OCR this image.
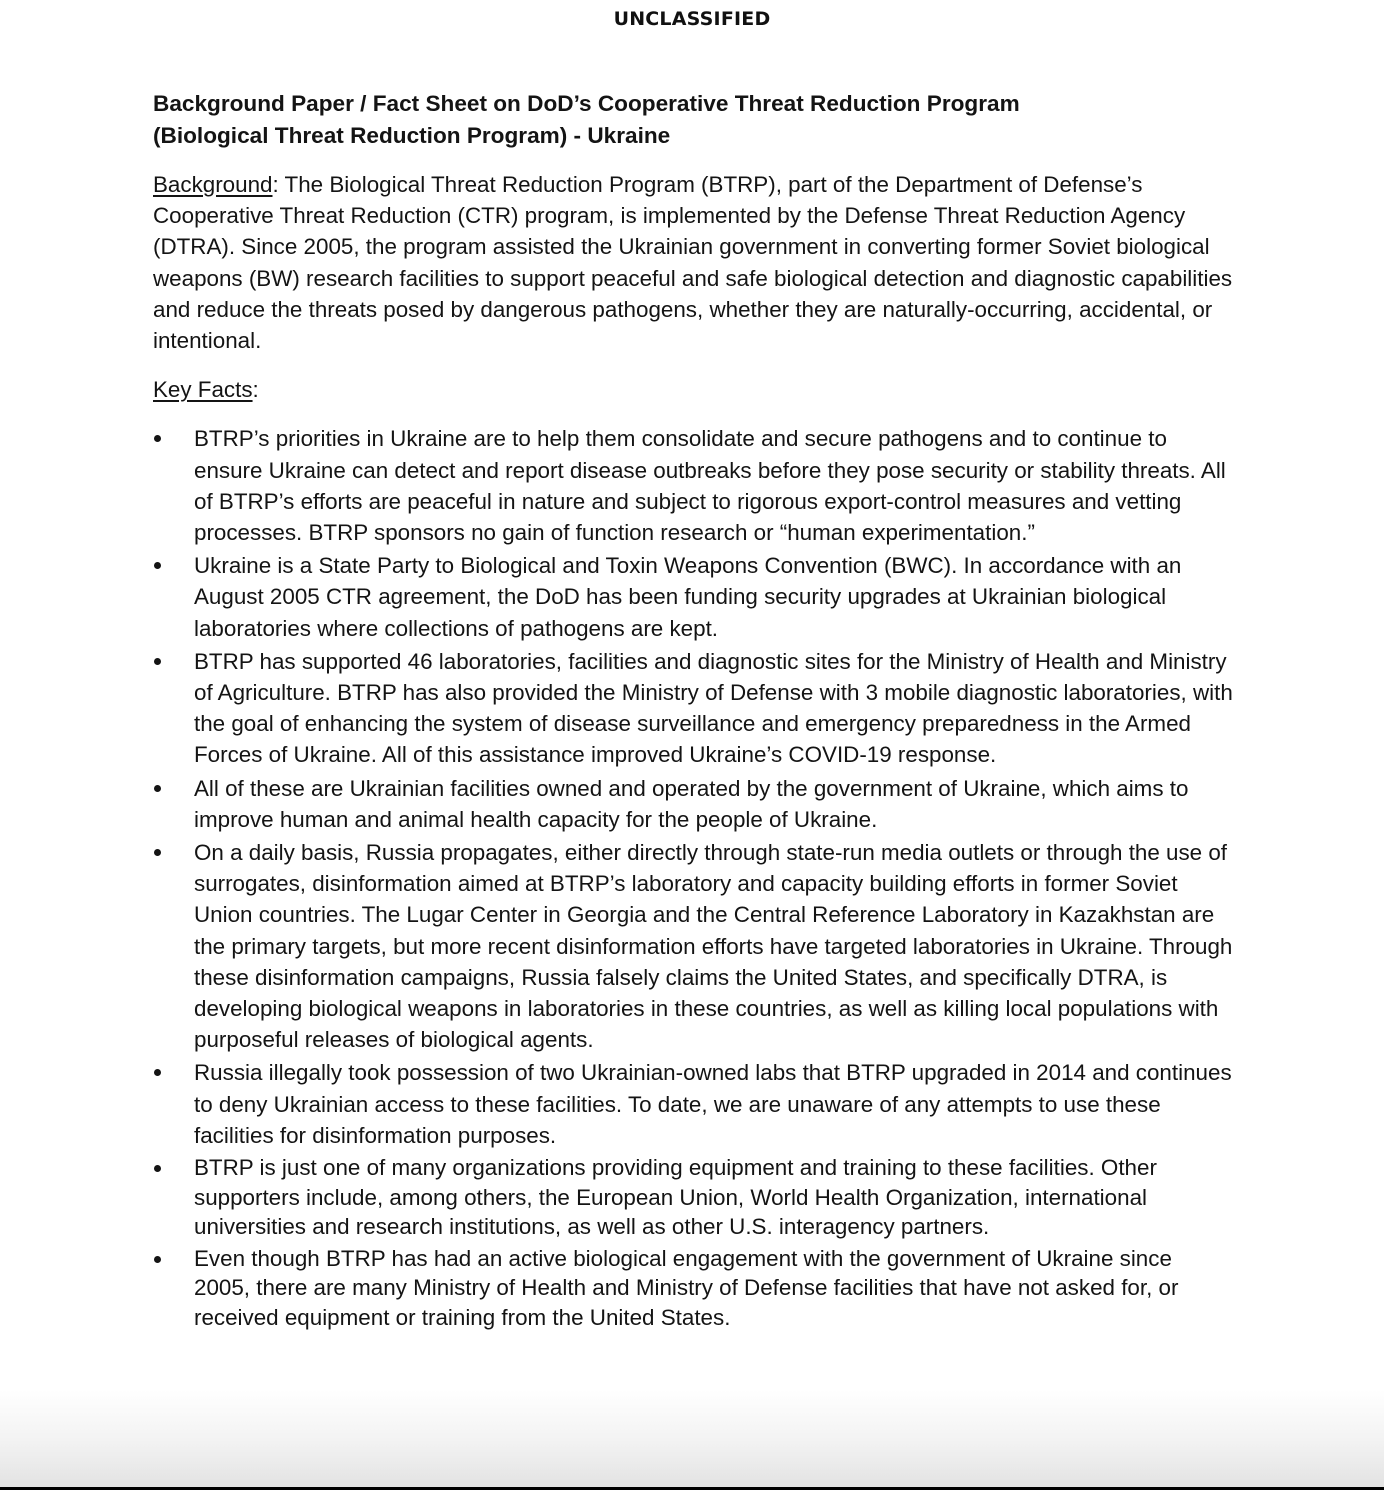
UNCLASSIFIED
Background Paper / Fact Sheet on DoD’s Cooperative Threat Reduction Program
(Biological Threat Reduction Program) - Ukraine

Background: The Biological Threat Reduction Program (BTRP), part of the Department of Defense’s Cooperative Threat Reduction (CTR) program, is implemented by the Defense Threat Reduction Agency (DTRA). Since 2005, the program assisted the Ukrainian government in converting former Soviet biological weapons (BW) research facilities to support peaceful and safe biological detection and diagnostic capabilities and reduce the threats posed by dangerous pathogens, whether they are naturally-occurring, accidental, or intentional.

Key Facts:

BTRP’s priorities in Ukraine are to help them consolidate and secure pathogens and to continue to ensure Ukraine can detect and report disease outbreaks before they pose security or stability threats. All of BTRP’s efforts are peaceful in nature and subject to rigorous export-control measures and vetting processes. BTRP sponsors no gain of function research or “human experimentation.”
Ukraine is a State Party to Biological and Toxin Weapons Convention (BWC). In accordance with an August 2005 CTR agreement, the DoD has been funding security upgrades at Ukrainian biological laboratories where collections of pathogens are kept.
BTRP has supported 46 laboratories, facilities and diagnostic sites for the Ministry of Health and Ministry of Agriculture. BTRP has also provided the Ministry of Defense with 3 mobile diagnostic laboratories, with the goal of enhancing the system of disease surveillance and emergency preparedness in the Armed Forces of Ukraine. All of this assistance improved Ukraine’s COVID-19 response.
All of these are Ukrainian facilities owned and operated by the government of Ukraine, which aims to improve human and animal health capacity for the people of Ukraine.
On a daily basis, Russia propagates, either directly through state-run media outlets or through the use of surrogates, disinformation aimed at BTRP’s laboratory and capacity building efforts in former Soviet Union countries. The Lugar Center in Georgia and the Central Reference Laboratory in Kazakhstan are the primary targets, but more recent disinformation efforts have targeted laboratories in Ukraine. Through these disinformation campaigns, Russia falsely claims the United States, and specifically DTRA, is developing biological weapons in laboratories in these countries, as well as killing local populations with purposeful releases of biological agents.
Russia illegally took possession of two Ukrainian-owned labs that BTRP upgraded in 2014 and continues to deny Ukrainian access to these facilities. To date, we are unaware of any attempts to use these facilities for disinformation purposes.
BTRP is just one of many organizations providing equipment and training to these facilities. Other supporters include, among others, the European Union, World Health Organization, international universities and research institutions, as well as other U.S. interagency partners.
Even though BTRP has had an active biological engagement with the government of Ukraine since 2005, there are many Ministry of Health and Ministry of Defense facilities that have not asked for, or received equipment or training from the United States.
